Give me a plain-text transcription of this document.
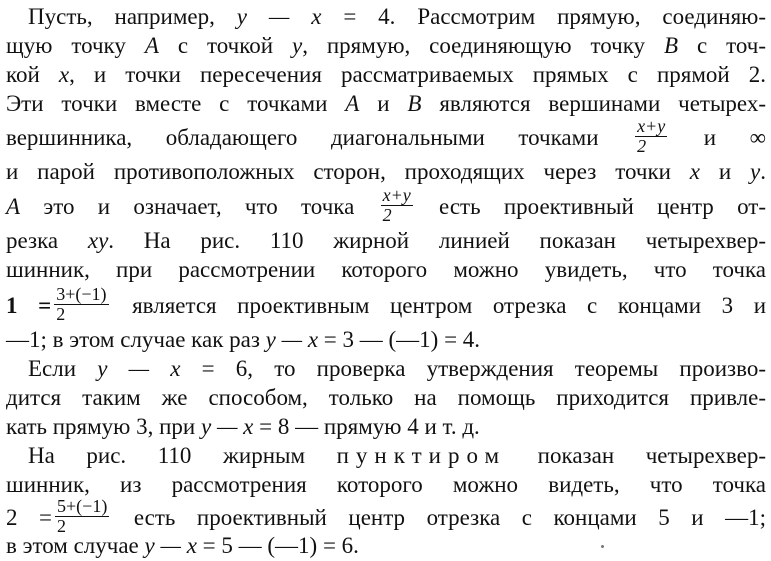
Пусть, например, y — x = 4. Рассмотрим прямую, соединяю-
щую точку A с точкой y, прямую, соединяющую точку B с точ-
кой x, и точки пересечения рассматриваемых прямых с прямой 2.
Эти точки вместе с точками A и B являются вершинами четырех-
вершинника, обладающего диагональными точками $\frac{x+y}{2}$ и ∞
и парой противоположных сторон, проходящих через точки x и y.
A это и означает, что точка $\frac{x+y}{2}$ есть проективный центр от-
резка xy. На рис. 110 жирной линией показан четырехвер-
шинник, при рассмотрении которого можно увидеть, что точка
$1 = \frac{3+(-1)}{2}$ является проективным центром отрезка с концами 3 и
—1; в этом случае как раз y — x = 3 — (—1) = 4.
Если y — x = 6, то проверка утверждения теоремы произво-
дится таким же способом, только на помощь приходится привле-
кать прямую 3, при y — x = 8 — прямую 4 и т. д.
На рис. 110 жирным пунктиром показан четырехвер-
шинник, из рассмотрения которого можно видеть, что точка
$2 = \frac{5+(-1)}{2}$ есть проективный центр отрезка с концами 5 и —1;
в этом случае y — x = 5 — (—1) = 6.
